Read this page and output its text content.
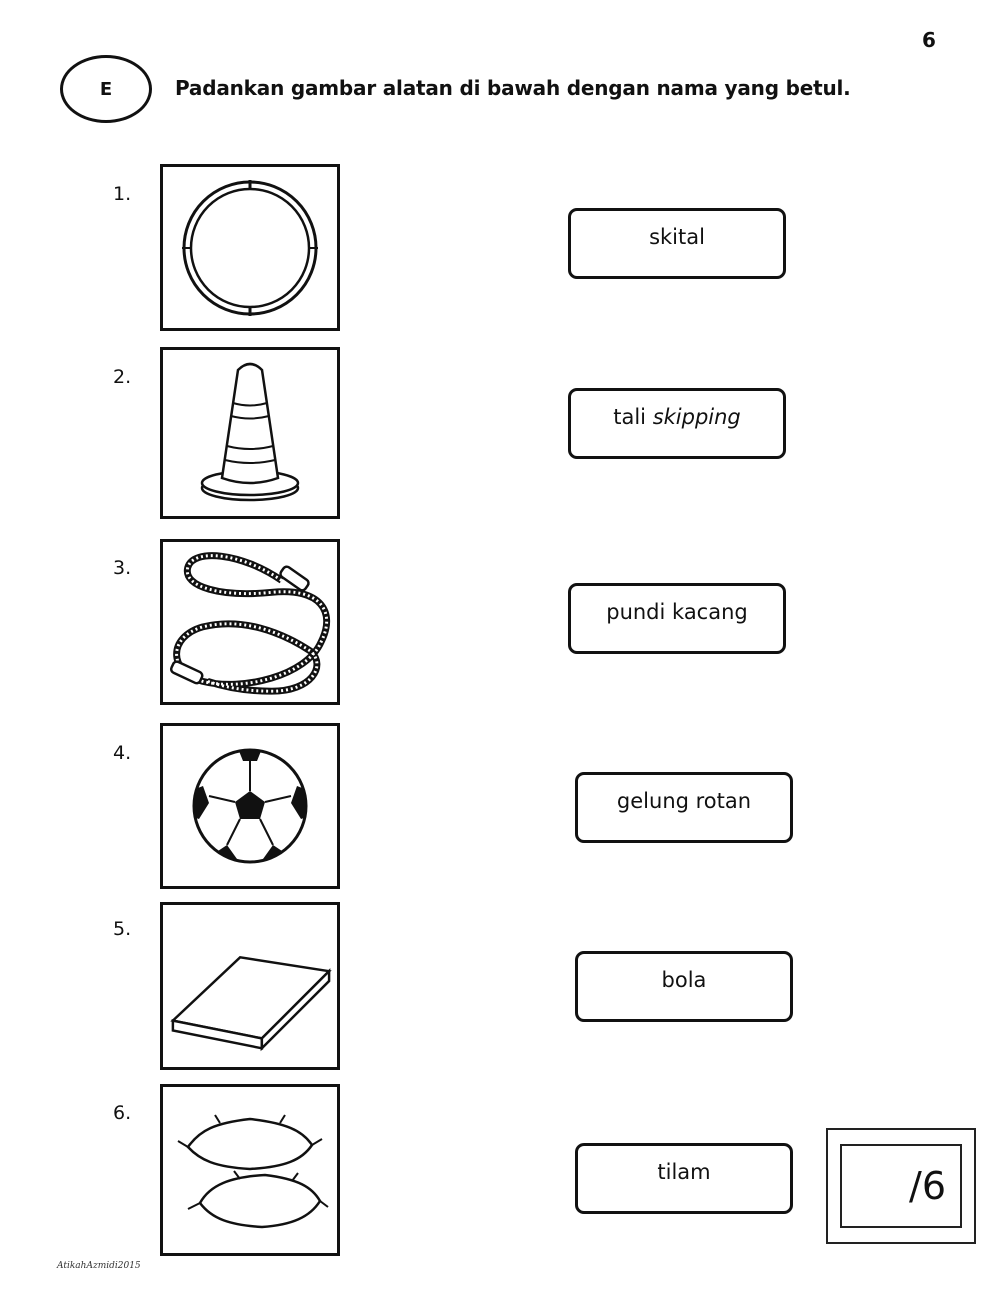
6
E	Padankan gambar alatan di bawah dengan nama yang betul.
1.
2.
3.
4.
5.
6.
skital
tali skipping
pundi kacang
gelung rotan
bola
tilam	/6
AtikahAzmidi2015
